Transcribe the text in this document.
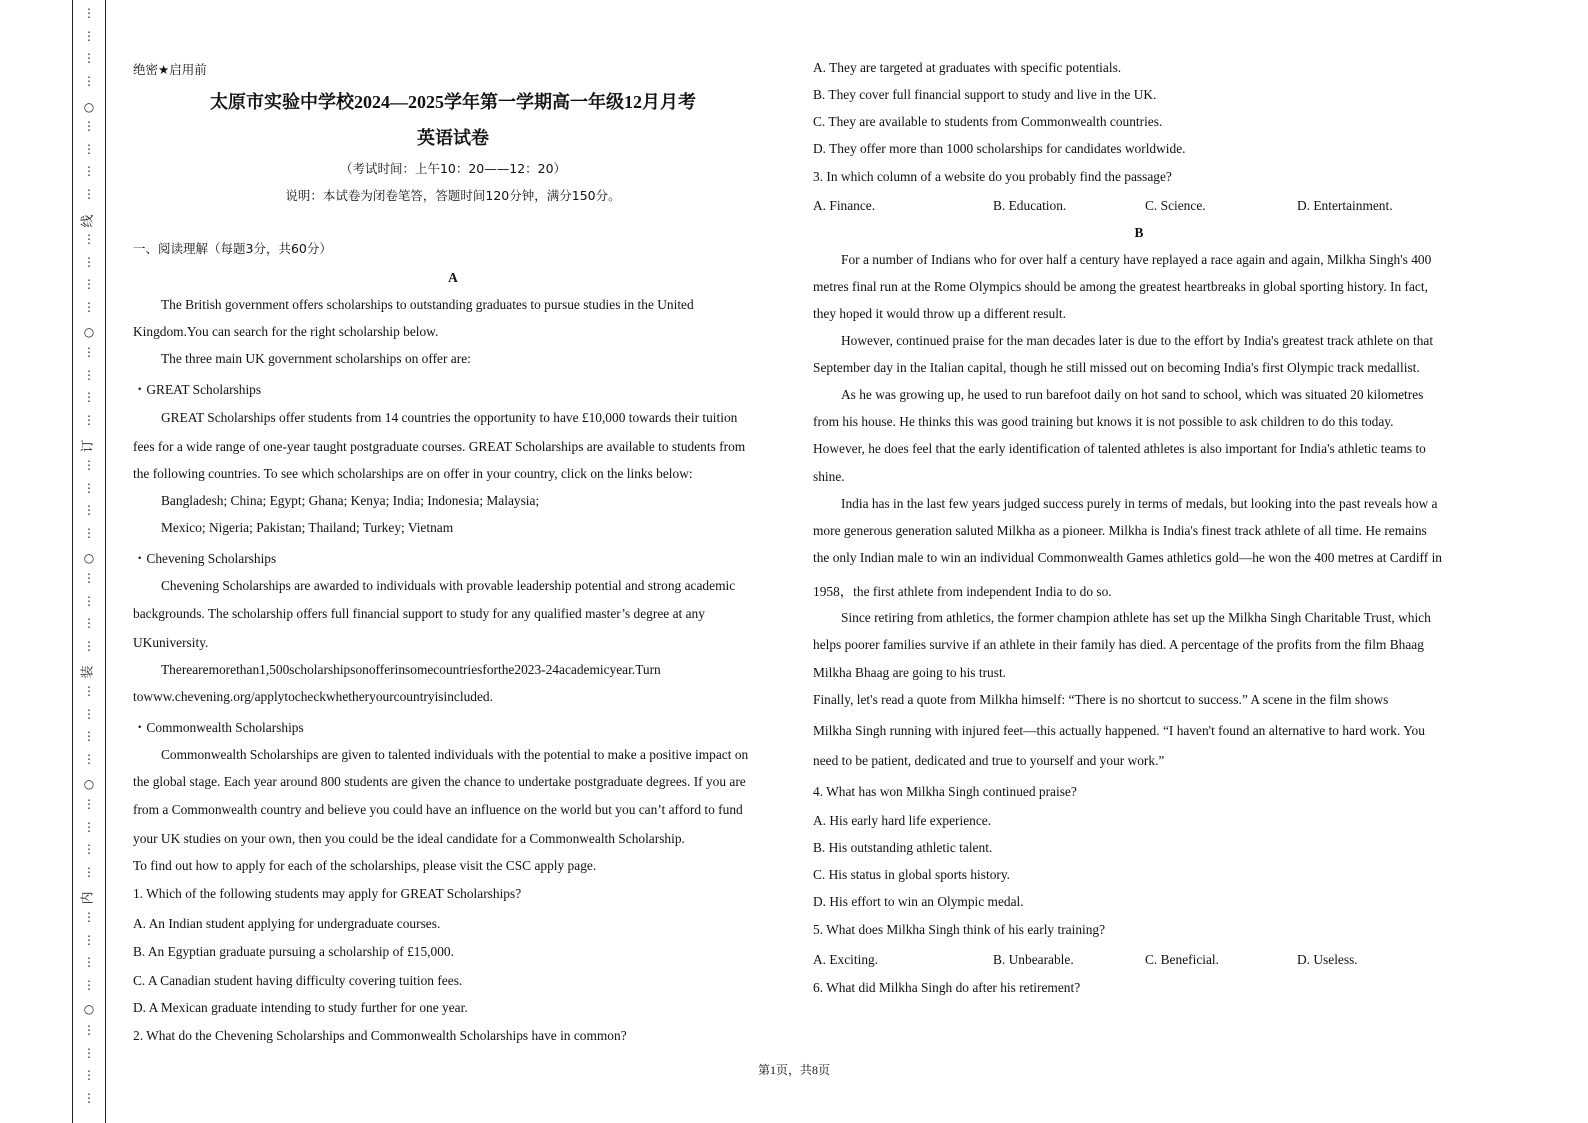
⋮
⋮
⋮
⋮
⋮
⋮
⋮
⋮
⋮
⋮
⋮
⋮
⋮
⋮
⋮
⋮
⋮
⋮
⋮
⋮
⋮
⋮
⋮
⋮
⋮
⋮
⋮
⋮
⋮
⋮
⋮
⋮
⋮
⋮
⋮
⋮
⋮
⋮
⋮
⋮
○
○
○
○
○
线
订
装
内
绝密★启用前
太原市实验中学校2024—2025学年第一学期高一年级12月月考
英语试卷
（考试时间：上午10：20——12：20）
说明：本试卷为闭卷笔答，答题时间120分钟，满分150分。
一、阅读理解（每题3分，共60分）
A
The British government offers scholarships to outstanding graduates to pursue studies in the United
Kingdom.You can search for the right scholarship below.
The three main UK government scholarships on offer are:
・GREAT Scholarships
GREAT Scholarships offer students from 14 countries the opportunity to have £10,000 towards their tuition
fees for a wide range of one-year taught postgraduate courses. GREAT Scholarships are available to students from
the following countries. To see which scholarships are on offer in your country, click on the links below:
Bangladesh; China; Egypt; Ghana; Kenya; India; Indonesia; Malaysia;
Mexico; Nigeria; Pakistan; Thailand; Turkey; Vietnam
・Chevening Scholarships
Chevening Scholarships are awarded to individuals with provable leadership potential and strong academic
backgrounds. The scholarship offers full financial support to study for any qualified master’s degree at any
UKuniversity.
Therearemorethan1,500scholarshipsonofferinsomecountriesforthe2023-24academicyear.Turn
towww.chevening.org/applytocheckwhetheryourcountryisincluded.
・Commonwealth Scholarships
Commonwealth Scholarships are given to talented individuals with the potential to make a positive impact on
the global stage. Each year around 800 students are given the chance to undertake postgraduate degrees. If you are
from a Commonwealth country and believe you could have an influence on the world but you can’t afford to fund
your UK studies on your own, then you could be the ideal candidate for a Commonwealth Scholarship.
To find out how to apply for each of the scholarships, please visit the CSC apply page.
1. Which of the following students may apply for GREAT Scholarships?
A. An Indian student applying for undergraduate courses.
B. An Egyptian graduate pursuing a scholarship of £15,000.
C. A Canadian student having difficulty covering tuition fees.
D. A Mexican graduate intending to study further for one year.
2. What do the Chevening Scholarships and Commonwealth Scholarships have in common?
A. They are targeted at graduates with specific potentials.
B. They cover full financial support to study and live in the UK.
C. They are available to students from Commonwealth countries.
D. They offer more than 1000 scholarships for candidates worldwide.
3. In which column of a website do you probably find the passage?
A. Finance.	B. Education.	C. Science.	D. Entertainment.
B
For a number of Indians who for over half a century have replayed a race again and again, Milkha Singh's 400
metres final run at the Rome Olympics should be among the greatest heartbreaks in global sporting history. In fact,
they hoped it would throw up a different result.
However, continued praise for the man decades later is due to the effort by India's greatest track athlete on that
September day in the Italian capital, though he still missed out on becoming India's first Olympic track medallist.
As he was growing up, he used to run barefoot daily on hot sand to school, which was situated 20 kilometres
from his house. He thinks this was good training but knows it is not possible to ask children to do this today.
However, he does feel that the early identification of talented athletes is also important for India's athletic teams to
shine.
India has in the last few years judged success purely in terms of medals, but looking into the past reveals how a
more generous generation saluted Milkha as a pioneer. Milkha is India's finest track athlete of all time. He remains
the only Indian male to win an individual Commonwealth Games athletics gold—he won the 400 metres at Cardiff in
1958，the first athlete from independent India to do so.
Since retiring from athletics, the former champion athlete has set up the Milkha Singh Charitable Trust, which
helps poorer families survive if an athlete in their family has died. A percentage of the profits from the film Bhaag
Milkha Bhaag are going to his trust.
Finally, let's read a quote from Milkha himself: “There is no shortcut to success.” A scene in the film shows
Milkha Singh running with injured feet—this actually happened. “I haven't found an alternative to hard work. You
need to be patient, dedicated and true to yourself and your work.”
4. What has won Milkha Singh continued praise?
A. His early hard life experience.
B. His outstanding athletic talent.
C. His status in global sports history.
D. His effort to win an Olympic medal.
5. What does Milkha Singh think of his early training?
A. Exciting.	B. Unbearable.	C. Beneficial.	D. Useless.
6. What did Milkha Singh do after his retirement?
第1页，共8页
